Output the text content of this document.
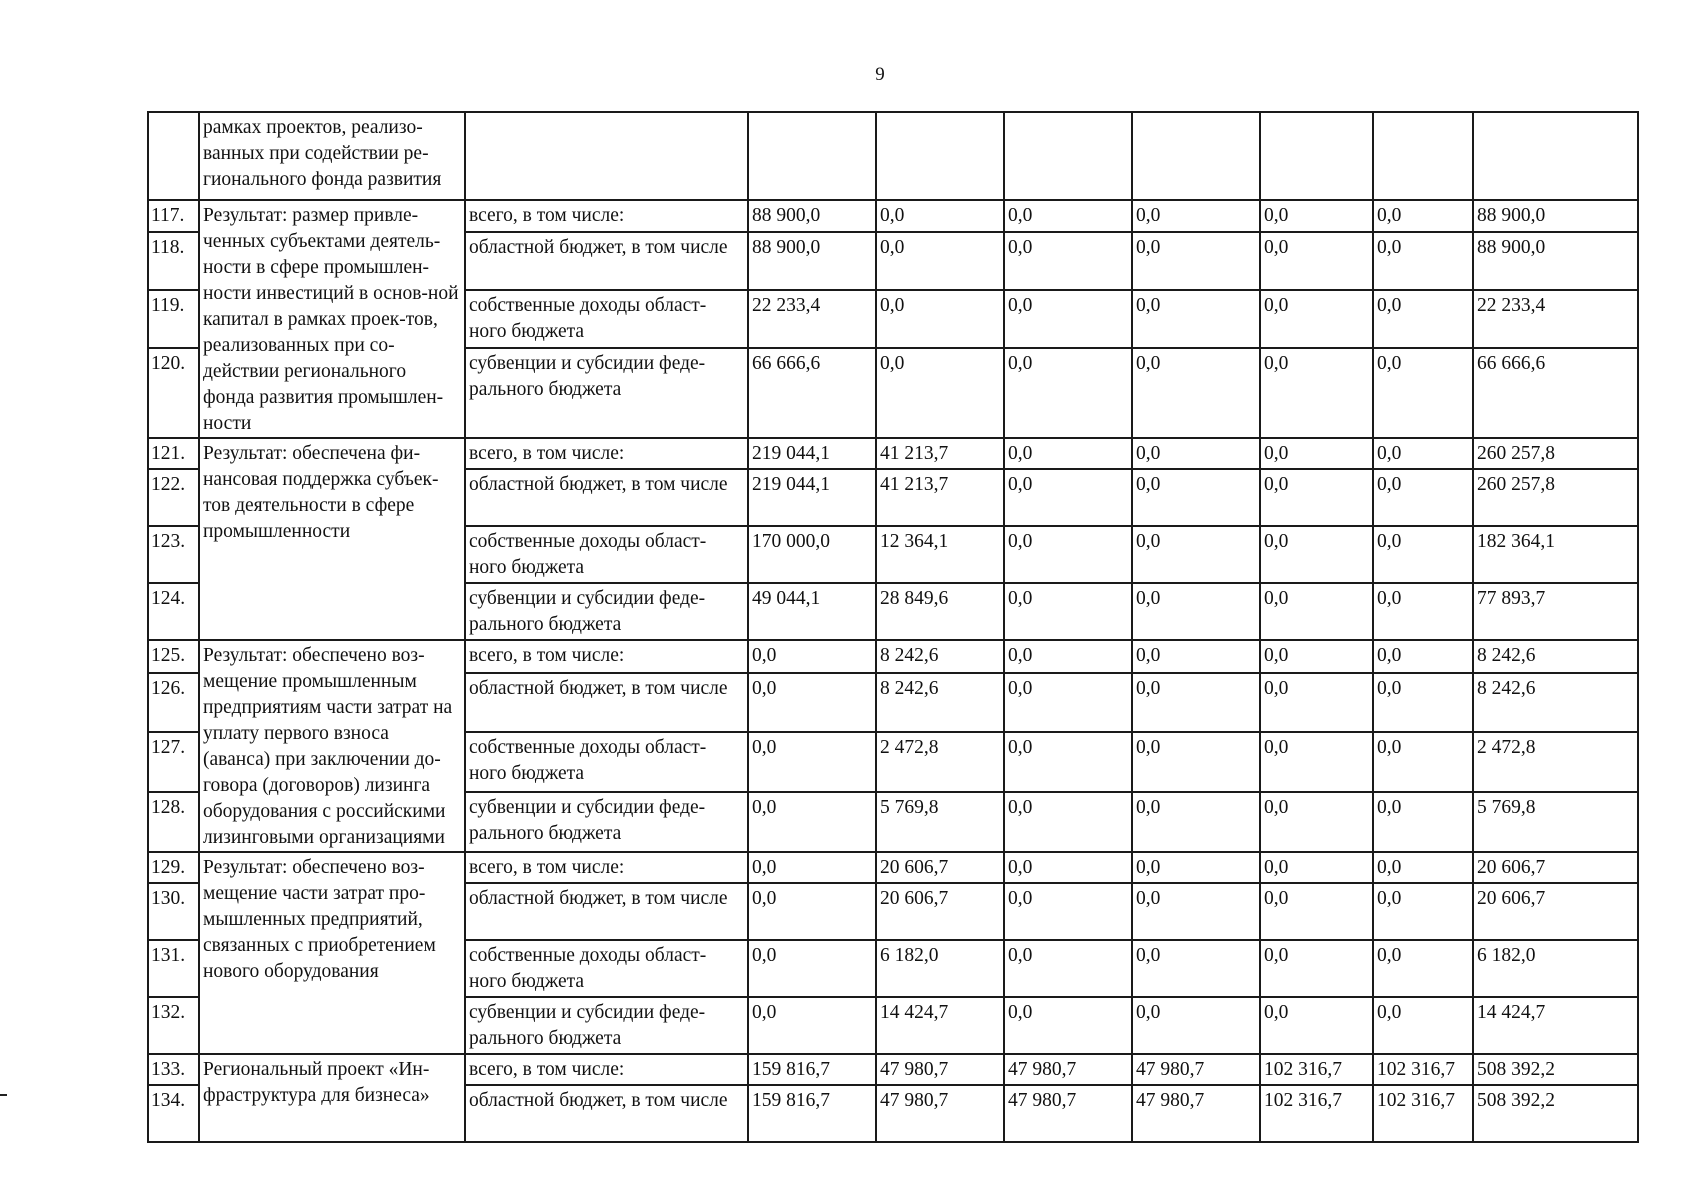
9
	рамках проектов, реализо-ванных при содействии ре-гионального фонда развития								
117.	Результат: размер привле-ченных субъектами деятель-ности в сфере промышлен-ности инвестиций в основ-ной капитал в рамках проек-тов, реализованных при со-действии регионального фонда развития промышлен-ности	всего, в том числе:	88 900,0	0,0	0,0	0,0	0,0	0,0	88 900,0
118.		областной бюджет, в том числе	88 900,0	0,0	0,0	0,0	0,0	0,0	88 900,0
119.		собственные доходы област-ного бюджета	22 233,4	0,0	0,0	0,0	0,0	0,0	22 233,4
120.		субвенции и субсидии феде-рального бюджета	66 666,6	0,0	0,0	0,0	0,0	0,0	66 666,6
121.	Результат: обеспечена фи-нансовая поддержка субъек-тов деятельности в сфере промышленности	всего, в том числе:	219 044,1	41 213,7	0,0	0,0	0,0	0,0	260 257,8
122.		областной бюджет, в том числе	219 044,1	41 213,7	0,0	0,0	0,0	0,0	260 257,8
123.		собственные доходы област-ного бюджета	170 000,0	12 364,1	0,0	0,0	0,0	0,0	182 364,1
124.		субвенции и субсидии феде-рального бюджета	49 044,1	28 849,6	0,0	0,0	0,0	0,0	77 893,7
125.	Результат: обеспечено воз-мещение промышленным предприятиям части затрат на уплату первого взноса (аванса) при заключении до-говора (договоров) лизинга оборудования с российскими лизинговыми организациями	всего, в том числе:	0,0	8 242,6	0,0	0,0	0,0	0,0	8 242,6
126.		областной бюджет, в том числе	0,0	8 242,6	0,0	0,0	0,0	0,0	8 242,6
127.		собственные доходы област-ного бюджета	0,0	2 472,8	0,0	0,0	0,0	0,0	2 472,8
128.		субвенции и субсидии феде-рального бюджета	0,0	5 769,8	0,0	0,0	0,0	0,0	5 769,8
129.	Результат: обеспечено воз-мещение части затрат про-мышленных предприятий, связанных с приобретением нового оборудования	всего, в том числе:	0,0	20 606,7	0,0	0,0	0,0	0,0	20 606,7
130.		областной бюджет, в том числе	0,0	20 606,7	0,0	0,0	0,0	0,0	20 606,7
131.		собственные доходы област-ного бюджета	0,0	6 182,0	0,0	0,0	0,0	0,0	6 182,0
132.		субвенции и субсидии феде-рального бюджета	0,0	14 424,7	0,0	0,0	0,0	0,0	14 424,7
133.	Региональный проект «Ин-фраструктура для бизнеса»	всего, в том числе:	159 816,7	47 980,7	47 980,7	47 980,7	102 316,7	102 316,7	508 392,2
134.		областной бюджет, в том числе	159 816,7	47 980,7	47 980,7	47 980,7	102 316,7	102 316,7	508 392,2
